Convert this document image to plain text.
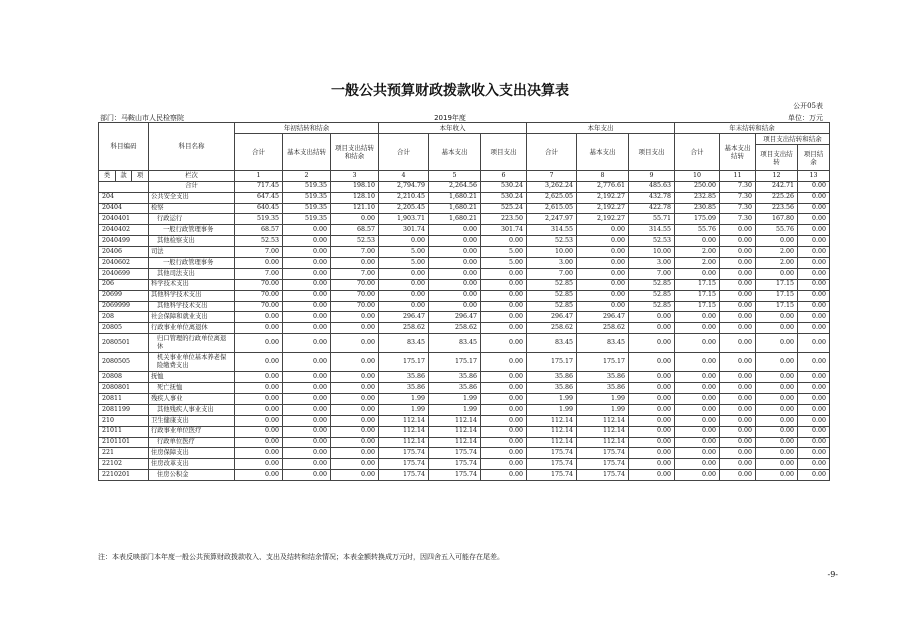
一般公共预算财政拨款收入支出决算表
公开05表
部门：马鞍山市人民检察院	2019年度	单位：万元
科目编码			科目名称	年初结转和结余			本年收入			本年支出			年末结转和结余			
				合计	基本支出结转	项目支出结转和结余	合计	基本支出	项目支出	合计	基本支出	项目支出	合计	基本支出结转	项目支出结转和结余	
															项目支出结转	项目结余
类	款	项	栏次	1	2	3	4	5	6	7	8	9	10	11	12	13
			合计	717.45	519.35	198.10	2,794.79	2,264.56	530.24	3,262.24	2,776.61	485.63	250.00	7.30	242.71	0.00
204			公共安全支出	647.45	519.35	128.10	2,210.45	1,680.21	530.24	2,625.05	2,192.27	432.78	232.85	7.30	225.26	0.00
20404			检察	640.45	519.35	121.10	2,205.45	1,680.21	525.24	2,615.05	2,192.27	422.78	230.85	7.30	223.56	0.00
2040401			行政运行	519.35	519.35	0.00	1,903.71	1,680.21	223.50	2,247.97	2,192.27	55.71	175.09	7.30	167.80	0.00
2040402			一般行政管理事务	68.57	0.00	68.57	301.74	0.00	301.74	314.55	0.00	314.55	55.76	0.00	55.76	0.00
2040499			其他检察支出	52.53	0.00	52.53	0.00	0.00	0.00	52.53	0.00	52.53	0.00	0.00	0.00	0.00
20406			司法	7.00	0.00	7.00	5.00	0.00	5.00	10.00	0.00	10.00	2.00	0.00	2.00	0.00
2040602			一般行政管理事务	0.00	0.00	0.00	5.00	0.00	5.00	3.00	0.00	3.00	2.00	0.00	2.00	0.00
2040699			其他司法支出	7.00	0.00	7.00	0.00	0.00	0.00	7.00	0.00	7.00	0.00	0.00	0.00	0.00
206			科学技术支出	70.00	0.00	70.00	0.00	0.00	0.00	52.85	0.00	52.85	17.15	0.00	17.15	0.00
20699			其他科学技术支出	70.00	0.00	70.00	0.00	0.00	0.00	52.85	0.00	52.85	17.15	0.00	17.15	0.00
2069999			其他科学技术支出	70.00	0.00	70.00	0.00	0.00	0.00	52.85	0.00	52.85	17.15	0.00	17.15	0.00
208			社会保障和就业支出	0.00	0.00	0.00	296.47	296.47	0.00	296.47	296.47	0.00	0.00	0.00	0.00	0.00
20805			行政事业单位离退休	0.00	0.00	0.00	258.62	258.62	0.00	258.62	258.62	0.00	0.00	0.00	0.00	0.00
2080501			归口管理的行政单位离退休	0.00	0.00	0.00	83.45	83.45	0.00	83.45	83.45	0.00	0.00	0.00	0.00	0.00
2080505			机关事业单位基本养老保险缴费支出	0.00	0.00	0.00	175.17	175.17	0.00	175.17	175.17	0.00	0.00	0.00	0.00	0.00
20808			抚恤	0.00	0.00	0.00	35.86	35.86	0.00	35.86	35.86	0.00	0.00	0.00	0.00	0.00
2080801			死亡抚恤	0.00	0.00	0.00	35.86	35.86	0.00	35.86	35.86	0.00	0.00	0.00	0.00	0.00
20811			残疾人事业	0.00	0.00	0.00	1.99	1.99	0.00	1.99	1.99	0.00	0.00	0.00	0.00	0.00
2081199			其他残疾人事业支出	0.00	0.00	0.00	1.99	1.99	0.00	1.99	1.99	0.00	0.00	0.00	0.00	0.00
210			卫生健康支出	0.00	0.00	0.00	112.14	112.14	0.00	112.14	112.14	0.00	0.00	0.00	0.00	0.00
21011			行政事业单位医疗	0.00	0.00	0.00	112.14	112.14	0.00	112.14	112.14	0.00	0.00	0.00	0.00	0.00
2101101			行政单位医疗	0.00	0.00	0.00	112.14	112.14	0.00	112.14	112.14	0.00	0.00	0.00	0.00	0.00
221			住房保障支出	0.00	0.00	0.00	175.74	175.74	0.00	175.74	175.74	0.00	0.00	0.00	0.00	0.00
22102			住房改革支出	0.00	0.00	0.00	175.74	175.74	0.00	175.74	175.74	0.00	0.00	0.00	0.00	0.00
2210201			住房公积金	0.00	0.00	0.00	175.74	175.74	0.00	175.74	175.74	0.00	0.00	0.00	0.00	0.00
注：本表反映部门本年度一般公共预算财政拨款收入、支出及结转和结余情况；本表金额转换成万元时，因四舍五入可能存在尾差。
-9-
